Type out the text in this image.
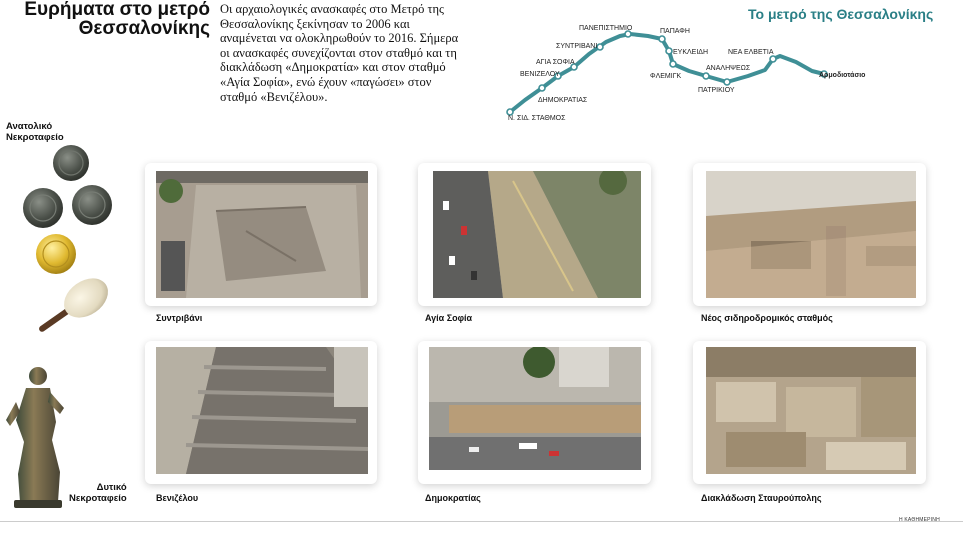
Ευρήματα στο μετρό
Θεσσαλονίκης
Οι αρχαιολογικές ανασκαφές στο Μετρό της Θεσσαλονίκης ξεκίνησαν το 2006 και αναμένεται να ολοκληρωθούν το 2016. Σήμερα οι ανασκαφές συνεχίζονται στον σταθμό και τη διακλάδωση «Δημοκρατία» και στον σταθμό «Αγία Σοφία», ενώ έχουν «παγώσει» στον σταθμό «Βενιζέλου».
Το μετρό της Θεσσαλονίκης
Ν. ΣΙΔ. ΣΤΑΘΜΟΣ
ΔΗΜΟΚΡΑΤΙΑΣ
ΒΕΝΙΖΕΛΟΥ
ΑΓΙΑ ΣΟΦΙΑ
ΣΥΝΤΡΙΒΑΝΙ
ΠΑΝΕΠΙΣΤΗΜΙΟ	ΠΑΠΑΦΗ
ΕΥΚΛΕΙΔΗ
ΦΛΕΜΙΓΚ
ΑΝΑΛΗΨΕΩΣ
ΠΑΤΡΙΚΙΟΥ
ΝΕΑ ΕΛΒΕΤΙΑ
Αρμοδιοτάσιο
Ανατολικό
Νεκροταφείο
Δυτικό
Νεκροταφείο
Συντριβάνι	Αγία Σοφία	Νέος σιδηροδρομικός σταθμός
Βενιζέλου	Δημοκρατίας	Διακλάδωση Σταυρούπολης
Η ΚΑΘΗΜΕΡΙΝΗ
